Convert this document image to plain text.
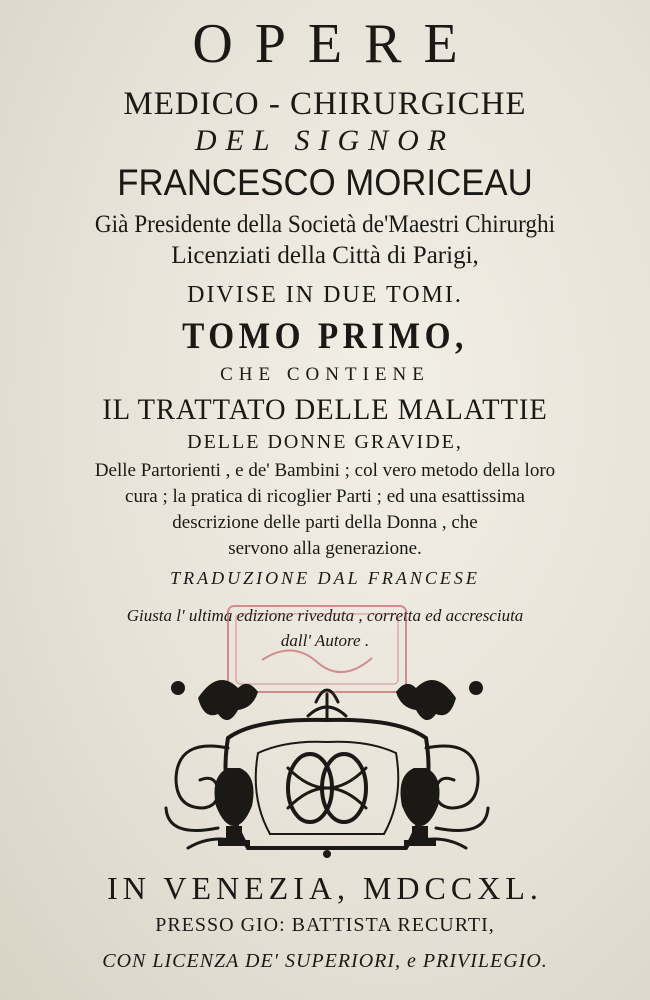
OPERE
MEDICO - CHIRURGICHE
DEL SIGNOR
FRANCESCO MORICEAU
Già Presidente della Società de'Maestri Chirurghi
Licenziati della Città di Parigi,
DIVISE IN DUE TOMI.
TOMO PRIMO,
CHE CONTIENE
IL TRATTATO DELLE MALATTIE
DELLE DONNE GRAVIDE,
Delle Partorienti , e de' Bambini ; col vero metodo della loro
cura ; la pratica di ricoglier Parti ; ed una esattissima
descrizione delle parti della Donna , che
servono alla generazione.
TRADUZIONE DAL FRANCESE
Giusta l' ultima edizione riveduta , corretta ed accresciuta
dall' Autore .
IN VENEZIA, MDCCXL.
PRESSO GIO: BATTISTA RECURTI,
CON LICENZA DE' SUPERIORI, e PRIVILEGIO.
